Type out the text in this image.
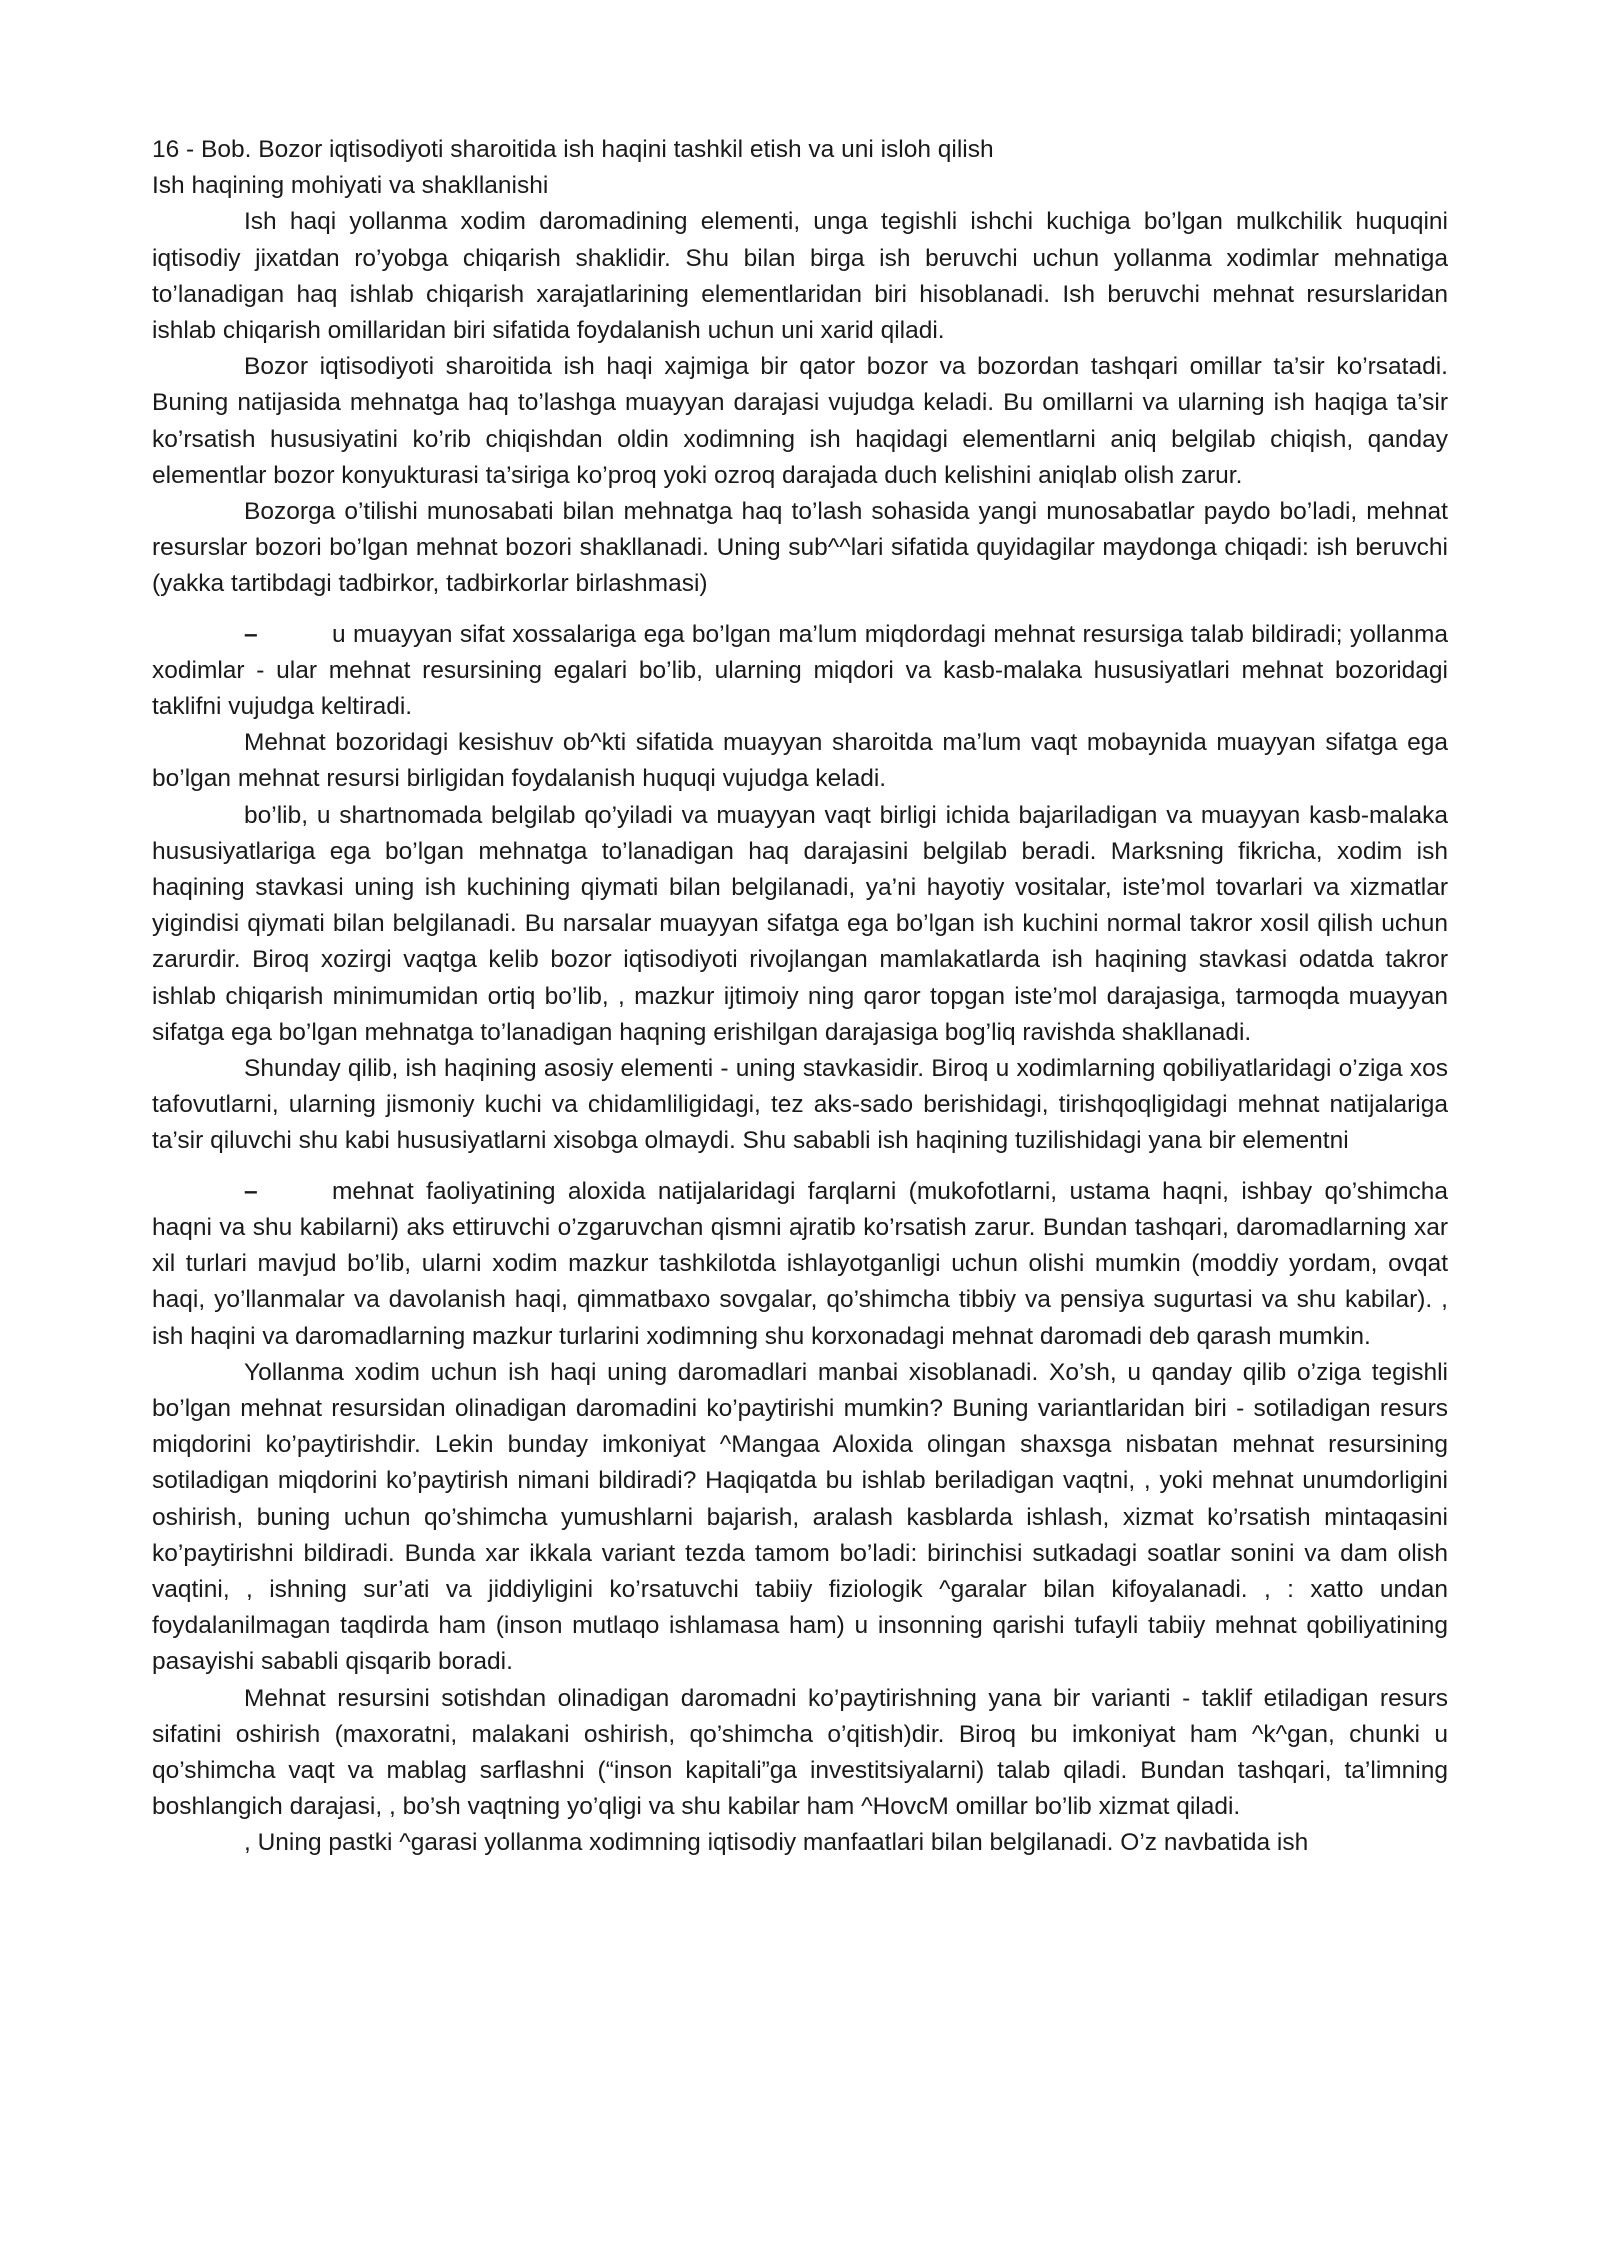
16 - Bob. Bozor iqtisodiyoti sharoitida ish haqini tashkil etish va uni isloh qilish

Ish haqining mohiyati va shakllanishi

Ish haqi yollanma xodim daromadining elementi, unga tegishli ishchi kuchiga bo’lgan mulkchilik huquqini iqtisodiy jixatdan ro’yobga chiqarish shaklidir. Shu bilan birga ish beruvchi uchun yollanma xodimlar mehnatiga to’lanadigan haq ishlab chiqarish xarajatlarining elementlaridan biri hisoblanadi. Ish beruvchi mehnat resurslaridan ishlab chiqarish omillaridan biri sifatida foydalanish uchun uni xarid qiladi.

Bozor iqtisodiyoti sharoitida ish haqi xajmiga bir qator bozor va bozordan tashqari omillar ta’sir ko’rsatadi. Buning natijasida mehnatga haq to’lashga muayyan darajasi vujudga keladi. Bu omillarni va ularning ish haqiga ta’sir ko’rsatish hususiyatini ko’rib chiqishdan oldin xodimning ish haqidagi elementlarni aniq belgilab chiqish, qanday elementlar bozor konyukturasi ta’siriga ko’proq yoki ozroq darajada duch kelishini aniqlab olish zarur.

Bozorga o’tilishi munosabati bilan mehnatga haq to’lash sohasida yangi munosabatlar paydo bo’ladi, mehnat resurslar bozori bo’lgan mehnat bozori shakllanadi. Uning sub^^lari sifatida quyidagilar maydonga chiqadi: ish beruvchi (yakka tartibdagi tadbirkor, tadbirkorlar birlashmasi)

–	u muayyan sifat xossalariga ega bo’lgan ma’lum miqdordagi mehnat resursiga talab bildiradi; yollanma xodimlar - ular mehnat resursining egalari bo’lib, ularning miqdori va kasb-malaka hususiyatlari mehnat bozoridagi taklifni vujudga keltiradi.

Mehnat bozoridagi kesishuv ob^kti sifatida muayyan sharoitda ma’lum vaqt mobaynida muayyan sifatga ega bo’lgan mehnat resursi birligidan foydalanish huquqi vujudga keladi.

bo’lib, u shartnomada belgilab qo’yiladi va muayyan vaqt birligi ichida bajariladigan va muayyan kasb-malaka hususiyatlariga ega bo’lgan mehnatga to’lanadigan haq darajasini belgilab beradi. Marksning fikricha, xodim ish haqining stavkasi uning ish kuchining qiymati bilan belgilanadi, ya’ni hayotiy vositalar, iste’mol tovarlari va xizmatlar yigindisi qiymati bilan belgilanadi. Bu narsalar muayyan sifatga ega bo’lgan ish kuchini normal takror xosil qilish uchun zarurdir. Biroq xozirgi vaqtga kelib bozor iqtisodiyoti rivojlangan mamlakatlarda ish haqining stavkasi odatda takror ishlab chiqarish minimumidan ortiq bo’lib, , mazkur ijtimoiy ning qaror topgan iste’mol darajasiga, tarmoqda muayyan sifatga ega bo’lgan mehnatga to’lanadigan haqning erishilgan darajasiga bog’liq ravishda shakllanadi.

Shunday qilib, ish haqining asosiy elementi - uning stavkasidir. Biroq u xodimlarning qobiliyatlaridagi o’ziga xos tafovutlarni, ularning jismoniy kuchi va chidamliligidagi, tez aks-sado berishidagi, tirishqoqligidagi mehnat natijalariga ta’sir qiluvchi shu kabi hususiyatlarni xisobga olmaydi. Shu sababli ish haqining tuzilishidagi yana bir elementni

–	mehnat faoliyatining aloxida natijalaridagi farqlarni (mukofotlarni, ustama haqni, ishbay qo’shimcha haqni va shu kabilarni) aks ettiruvchi o’zgaruvchan qismni ajratib ko’rsatish zarur. Bundan tashqari, daromadlarning xar xil turlari mavjud bo’lib, ularni xodim mazkur tashkilotda ishlayotganligi uchun olishi mumkin (moddiy yordam, ovqat haqi, yo’llanmalar va davolanish haqi, qimmatbaxo sovgalar, qo’shimcha tibbiy va pensiya sugurtasi va shu kabilar). , ish haqini va daromadlarning mazkur turlarini xodimning shu korxonadagi mehnat daromadi deb qarash mumkin.

Yollanma xodim uchun ish haqi uning daromadlari manbai xisoblanadi. Xo’sh, u qanday qilib o’ziga tegishli bo’lgan mehnat resursidan olinadigan daromadini ko’paytirishi mumkin? Buning variantlaridan biri - sotiladigan resurs miqdorini ko’paytirishdir. Lekin bunday imkoniyat ^Mangaa Aloxida olingan shaxsga nisbatan mehnat resursining sotiladigan miqdorini ko’paytirish nimani bildiradi? Haqiqatda bu ishlab beriladigan vaqtni, , yoki mehnat unumdorligini oshirish, buning uchun qo’shimcha yumushlarni bajarish, aralash kasblarda ishlash, xizmat ko’rsatish mintaqasini ko’paytirishni bildiradi. Bunda xar ikkala variant tezda tamom bo’ladi: birinchisi sutkadagi soatlar sonini va dam olish vaqtini, , ishning sur’ati va jiddiyligini ko’rsatuvchi tabiiy fiziologik ^garalar bilan kifoyalanadi. , : xatto undan foydalanilmagan taqdirda ham (inson mutlaqo ishlamasa ham) u insonning qarishi tufayli tabiiy mehnat qobiliyatining pasayishi sababli qisqarib boradi.

Mehnat resursini sotishdan olinadigan daromadni ko’paytirishning yana bir varianti - taklif etiladigan resurs sifatini oshirish (maxoratni, malakani oshirish, qo’shimcha o’qitish)dir. Biroq bu imkoniyat ham ^k^gan, chunki u qo’shimcha vaqt va mablag sarflashni (“inson kapitali”ga investitsiyalarni) talab qiladi. Bundan tashqari, ta’limning boshlangich darajasi, , bo’sh vaqtning yo’qligi va shu kabilar ham ^HovcM omillar bo’lib xizmat qiladi.

, Uning pastki ^garasi yollanma xodimning iqtisodiy manfaatlari bilan belgilanadi. O’z navbatida ish
